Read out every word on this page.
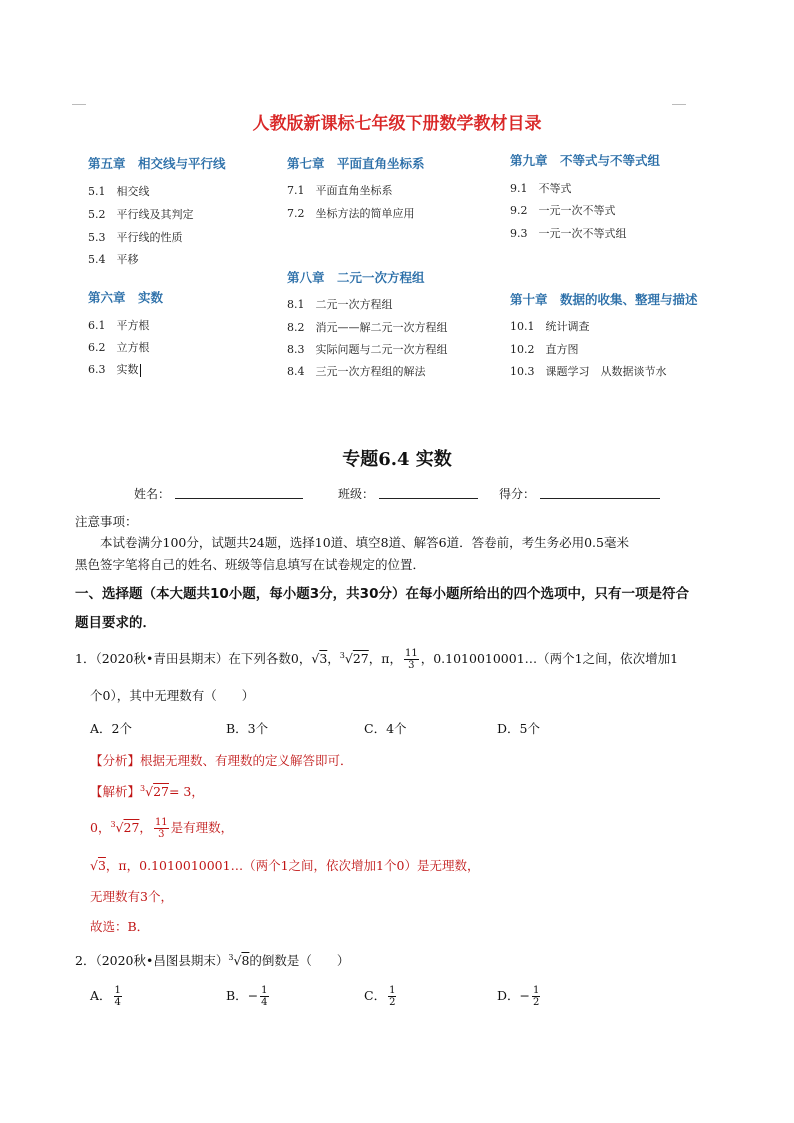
人教版新课标七年级下册数学教材目录
第五章　相交线与平行线
5.1　相交线
5.2　平行线及其判定
5.3　平行线的性质
5.4　平移
第六章　实数
6.1　平方根
6.2　立方根
6.3　实数
第七章　平面直角坐标系
7.1　平面直角坐标系
7.2　坐标方法的简单应用
第八章　二元一次方程组
8.1　二元一次方程组
8.2　消元——解二元一次方程组
8.3　实际问题与二元一次方程组
8.4　三元一次方程组的解法
第九章　不等式与不等式组
9.1　不等式
9.2　一元一次不等式
9.3　一元一次不等式组
第十章　数据的收集、整理与描述
10.1　统计调查
10.2　直方图
10.3　课题学习　从数据谈节水
专题6.4 实数
姓名：	班级：	得分：
注意事项：
本试卷满分100分，试题共24题，选择10道、填空8道、解答6道．答卷前，考生务必用0.5毫米
黑色签字笔将自己的姓名、班级等信息填写在试卷规定的位置．
一、选择题（本大题共10小题，每小题3分，共30分）在每小题所给出的四个选项中，只有一项是符合
题目要求的．
1．（2020秋•青田县期末）在下列各数0，√3，$^3$√27，π， $\frac{11}{3}$ ，0.1010010001…（两个1之间，依次增加1
个0），其中无理数有（　　）
A．2个	B．3个	C．4个	D．5个
【分析】根据无理数、有理数的定义解答即可．
【解析】$^3$√27= 3，
0，$^3$√27， $\frac{11}{3}$ 是有理数，
√3，π，0.1010010001…（两个1之间，依次增加1个0）是无理数，
无理数有3个，
故选：B．
2．（2020秋•昌图县期末）$^3$√8的倒数是（　　）
A． $\frac{1}{4}$	B．− $\frac{1}{4}$	C． $\frac{1}{2}$	D．− $\frac{1}{2}$
